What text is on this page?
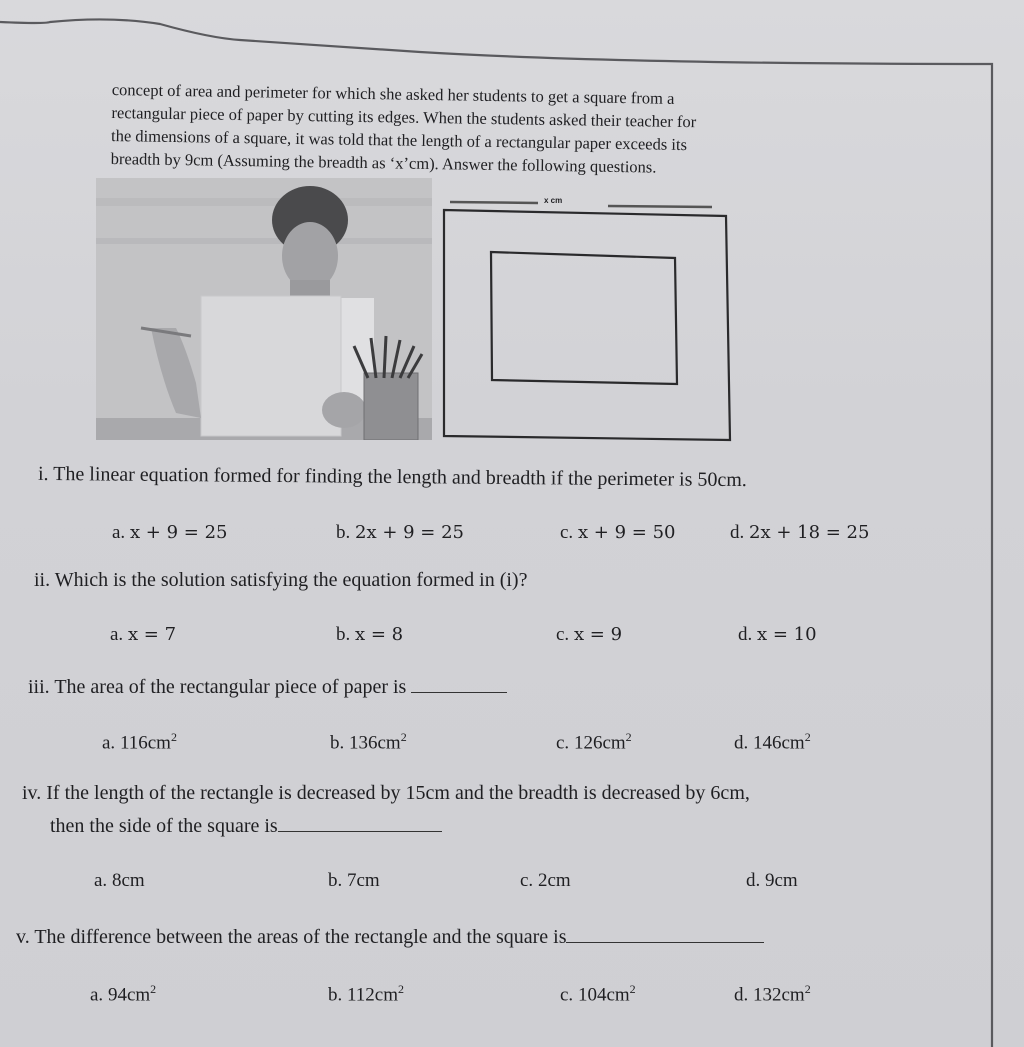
concept of area and perimeter for which she asked her students to get a square from a

rectangular piece of paper by cutting its edges. When the students asked their teacher for

the dimensions of a square, it was told that the length of a rectangular paper exceeds its

breadth by 9cm (Assuming the breadth as ‘x’cm). Answer the following questions.

x cm
i. The linear equation formed for finding the length and breadth if the perimeter is 50cm.
a. x + 9 = 25	b. 2x + 9 = 25	c. x + 9 = 50	d. 2x + 18 = 25
ii. Which is the solution satisfying the equation formed in (i)?
a. x = 7	b. x = 8	c. x = 9	d. x = 10
iii. The area of the rectangular piece of paper is
a. $116cm^2$	b. $136cm^2$	c. $126cm^2$	d. $146cm^2$
iv. If the length of the rectangle is decreased by 15cm and the breadth is decreased by 6cm,
then the side of the square is
a. 8cm	b. 7cm	c. 2cm	d. 9cm
v. The difference between the areas of the rectangle and the square is
a. $94cm^2$	b. $112cm^2$	c. $104cm^2$	d. $132cm^2$
